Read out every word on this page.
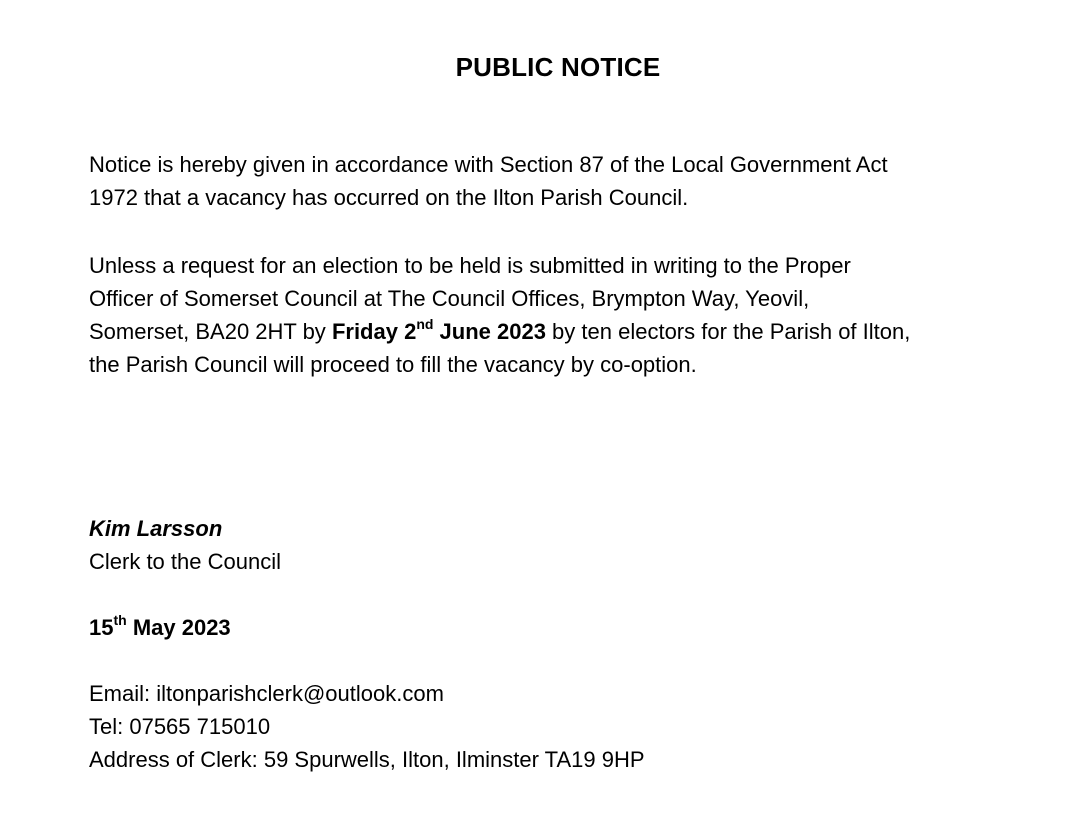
PUBLIC NOTICE
Notice is hereby given in accordance with Section 87 of the Local Government Act
1972 that a vacancy has occurred on the Ilton Parish Council.
Unless a request for an election to be held is submitted in writing to the Proper
Officer of Somerset Council at The Council Offices, Brympton Way, Yeovil,
Somerset, BA20 2HT by Friday 2nd June 2023 by ten electors for the Parish of Ilton,
the Parish Council will proceed to fill the vacancy by co-option.
Kim Larsson
Clerk to the Council
15th May 2023
Email: iltonparishclerk@outlook.com
Tel: 07565 715010
Address of Clerk: 59 Spurwells, Ilton, Ilminster TA19 9HP
